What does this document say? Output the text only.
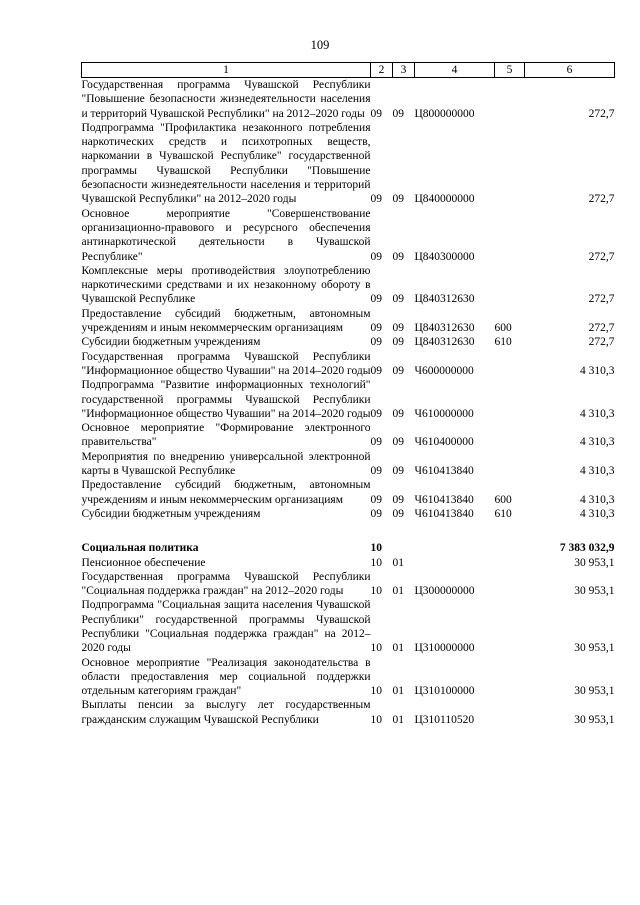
109
1	2	3	4	5	6
Государственная программа Чувашской Республики "Повышение безопасности жизнедеятельности населения и территорий Чувашской Республики" на 2012–2020 годы	09	09	Ц800000000		272,7
Подпрограмма "Профилактика незаконного потребления наркотических средств и психотропных веществ, наркомании в Чувашской Республике" государственной программы Чувашской Республики "Повышение безопасности жизнедеятельности населения и территорий Чувашской Республики" на 2012–2020 годы	09	09	Ц840000000		272,7
Основное мероприятие "Совершенствование организационно-правового и ресурсного обеспечения антинаркотической деятельности в Чувашской Республике"	09	09	Ц840300000		272,7
Комплексные меры противодействия злоупотреблению наркотическими средствами и их незаконному обороту в Чувашской Республике	09	09	Ц840312630		272,7
Предоставление субсидий бюджетным, автономным учреждениям и иным некоммерческим организациям	09	09	Ц840312630	600	272,7
Субсидии бюджетным учреждениям	09	09	Ц840312630	610	272,7
Государственная программа Чувашской Республики "Информационное общество Чувашии" на 2014–2020 годы	09	09	Ч600000000		4 310,3
Подпрограмма "Развитие информационных технологий" государственной программы Чувашской Республики "Информационное общество Чувашии" на 2014–2020 годы	09	09	Ч610000000		4 310,3
Основное мероприятие "Формирование электронного правительства"	09	09	Ч610400000		4 310,3
Мероприятия по внедрению универсальной электронной карты в Чувашской Республике	09	09	Ч610413840		4 310,3
Предоставление субсидий бюджетным, автономным учреждениям и иным некоммерческим организациям	09	09	Ч610413840	600	4 310,3
Субсидии бюджетным учреждениям	09	09	Ч610413840	610	4 310,3

Социальная политика	10				7 383 032,9
Пенсионное обеспечение	10	01			30 953,1
Государственная программа Чувашской Республики "Социальная поддержка граждан" на 2012–2020 годы	10	01	Ц300000000		30 953,1
Подпрограмма "Социальная защита населения Чувашской Республики" государственной программы Чувашской Республики "Социальная поддержка граждан" на 2012–2020 годы	10	01	Ц310000000		30 953,1
Основное мероприятие "Реализация законодательства в области предоставления мер социальной поддержки отдельным категориям граждан"	10	01	Ц310100000		30 953,1
Выплаты пенсии за выслугу лет государственным гражданским служащим Чувашской Республики	10	01	Ц310110520		30 953,1
